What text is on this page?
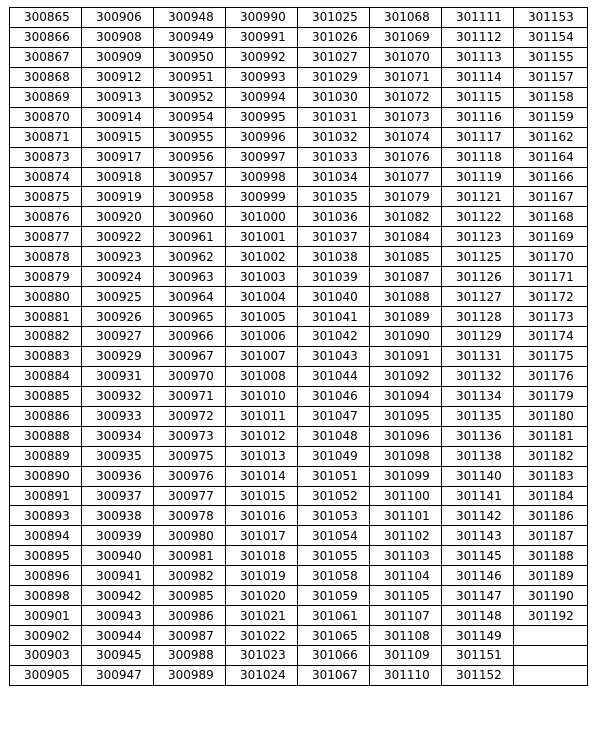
300865	300906	300948	300990	301025	301068	301111	301153
300866	300908	300949	300991	301026	301069	301112	301154
300867	300909	300950	300992	301027	301070	301113	301155
300868	300912	300951	300993	301029	301071	301114	301157
300869	300913	300952	300994	301030	301072	301115	301158
300870	300914	300954	300995	301031	301073	301116	301159
300871	300915	300955	300996	301032	301074	301117	301162
300873	300917	300956	300997	301033	301076	301118	301164
300874	300918	300957	300998	301034	301077	301119	301166
300875	300919	300958	300999	301035	301079	301121	301167
300876	300920	300960	301000	301036	301082	301122	301168
300877	300922	300961	301001	301037	301084	301123	301169
300878	300923	300962	301002	301038	301085	301125	301170
300879	300924	300963	301003	301039	301087	301126	301171
300880	300925	300964	301004	301040	301088	301127	301172
300881	300926	300965	301005	301041	301089	301128	301173
300882	300927	300966	301006	301042	301090	301129	301174
300883	300929	300967	301007	301043	301091	301131	301175
300884	300931	300970	301008	301044	301092	301132	301176
300885	300932	300971	301010	301046	301094	301134	301179
300886	300933	300972	301011	301047	301095	301135	301180
300888	300934	300973	301012	301048	301096	301136	301181
300889	300935	300975	301013	301049	301098	301138	301182
300890	300936	300976	301014	301051	301099	301140	301183
300891	300937	300977	301015	301052	301100	301141	301184
300893	300938	300978	301016	301053	301101	301142	301186
300894	300939	300980	301017	301054	301102	301143	301187
300895	300940	300981	301018	301055	301103	301145	301188
300896	300941	300982	301019	301058	301104	301146	301189
300898	300942	300985	301020	301059	301105	301147	301190
300901	300943	300986	301021	301061	301107	301148	301192
300902	300944	300987	301022	301065	301108	301149	
300903	300945	300988	301023	301066	301109	301151	
300905	300947	300989	301024	301067	301110	301152	
